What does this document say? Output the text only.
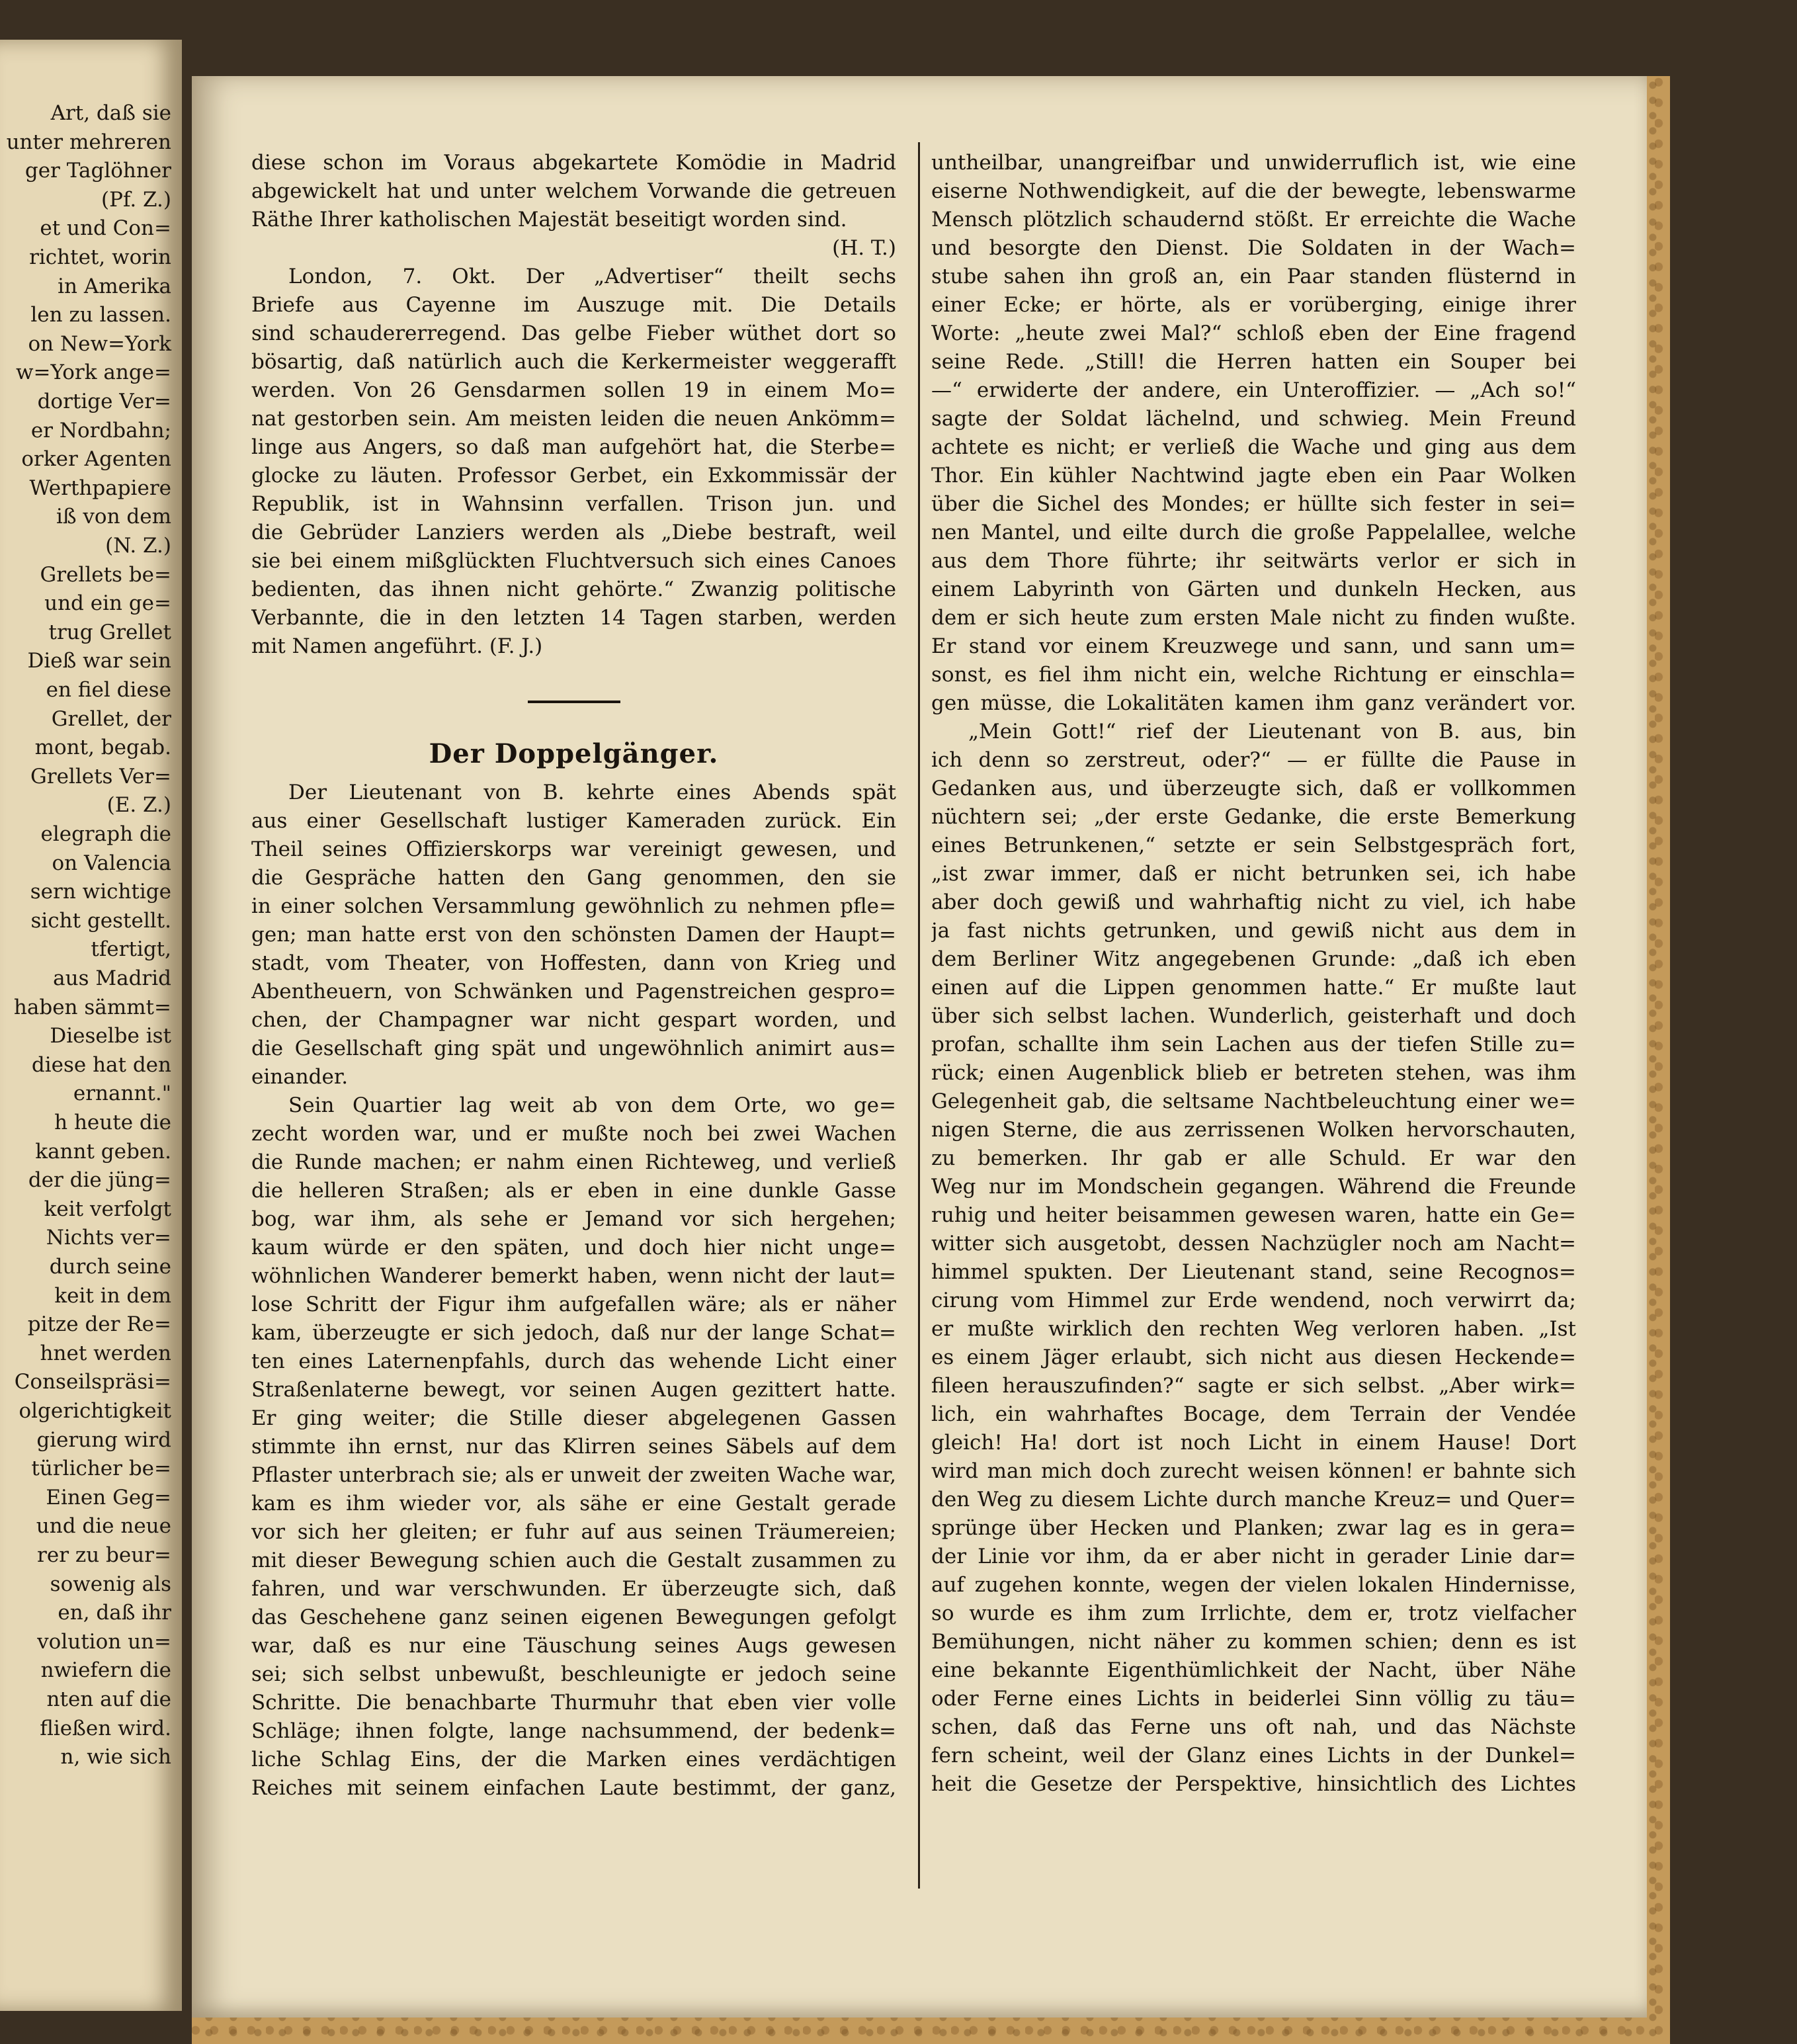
Art, daß sie
unter mehreren
ger Taglöhner
(Pf. Z.)
et und Con=
richtet, worin
in Amerika
len zu lassen.
on New=York
w=York ange=
dortige Ver=
er Nordbahn;
orker Agenten
Werthpapiere
iß von dem
(N. Z.)
Grellets be=
und ein ge=
trug Grellet
Dieß war sein
en fiel diese
Grellet, der
mont, begab.
Grellets Ver=
(E. Z.)
elegraph die
on Valencia
sern wichtige
sicht gestellt.
tfertigt,
aus Madrid
haben sämmt=
Dieselbe ist
diese hat den
ernannt."
h heute die
kannt geben.
der die jüng=
keit verfolgt
Nichts ver=
durch seine
keit in dem
pitze der Re=
hnet werden
Conseilspräsi=
olgerichtigkeit
gierung wird
türlicher be=
Einen Geg=
und die neue
rer zu beur=
sowenig als
en, daß ihr
volution un=
nwiefern die
nten auf die
fließen wird.
n, wie sich
diese schon im Voraus abgekartete Komödie in Madrid
abgewickelt hat und unter welchem Vorwande die getreuen
Räthe Ihrer katholischen Majestät beseitigt worden sind.
(H. T.)
London, 7. Okt. Der „Advertiser“ theilt sechs
Briefe aus Cayenne im Auszuge mit. Die Details
sind schaudererregend. Das gelbe Fieber wüthet dort so
bösartig, daß natürlich auch die Kerkermeister weggerafft
werden. Von 26 Gensdarmen sollen 19 in einem Mo=
nat gestorben sein. Am meisten leiden die neuen Ankömm=
linge aus Angers, so daß man aufgehört hat, die Sterbe=
glocke zu läuten. Professor Gerbet, ein Exkommissär der
Republik, ist in Wahnsinn verfallen. Trison jun. und
die Gebrüder Lanziers werden als „Diebe bestraft, weil
sie bei einem mißglückten Fluchtversuch sich eines Canoes
bedienten, das ihnen nicht gehörte.“ Zwanzig politische
Verbannte, die in den letzten 14 Tagen starben, werden
mit Namen angeführt. (F. J.)
Der Doppelgänger.
Der Lieutenant von B. kehrte eines Abends spät
aus einer Gesellschaft lustiger Kameraden zurück. Ein
Theil seines Offizierskorps war vereinigt gewesen, und
die Gespräche hatten den Gang genommen, den sie
in einer solchen Versammlung gewöhnlich zu nehmen pfle=
gen; man hatte erst von den schönsten Damen der Haupt=
stadt, vom Theater, von Hoffesten, dann von Krieg und
Abentheuern, von Schwänken und Pagenstreichen gespro=
chen, der Champagner war nicht gespart worden, und
die Gesellschaft ging spät und ungewöhnlich animirt aus=
einander.
Sein Quartier lag weit ab von dem Orte, wo ge=
zecht worden war, und er mußte noch bei zwei Wachen
die Runde machen; er nahm einen Richteweg, und verließ
die helleren Straßen; als er eben in eine dunkle Gasse
bog, war ihm, als sehe er Jemand vor sich hergehen;
kaum würde er den späten, und doch hier nicht unge=
wöhnlichen Wanderer bemerkt haben, wenn nicht der laut=
lose Schritt der Figur ihm aufgefallen wäre; als er näher
kam, überzeugte er sich jedoch, daß nur der lange Schat=
ten eines Laternenpfahls, durch das wehende Licht einer
Straßenlaterne bewegt, vor seinen Augen gezittert hatte.
Er ging weiter; die Stille dieser abgelegenen Gassen
stimmte ihn ernst, nur das Klirren seines Säbels auf dem
Pflaster unterbrach sie; als er unweit der zweiten Wache war,
kam es ihm wieder vor, als sähe er eine Gestalt gerade
vor sich her gleiten; er fuhr auf aus seinen Träumereien;
mit dieser Bewegung schien auch die Gestalt zusammen zu
fahren, und war verschwunden. Er überzeugte sich, daß
das Geschehene ganz seinen eigenen Bewegungen gefolgt
war, daß es nur eine Täuschung seines Augs gewesen
sei; sich selbst unbewußt, beschleunigte er jedoch seine
Schritte. Die benachbarte Thurmuhr that eben vier volle
Schläge; ihnen folgte, lange nachsummend, der bedenk=
liche Schlag Eins, der die Marken eines verdächtigen
Reiches mit seinem einfachen Laute bestimmt, der ganz,
untheilbar, unangreifbar und unwiderruflich ist, wie eine
eiserne Nothwendigkeit, auf die der bewegte, lebenswarme
Mensch plötzlich schaudernd stößt. Er erreichte die Wache
und besorgte den Dienst. Die Soldaten in der Wach=
stube sahen ihn groß an, ein Paar standen flüsternd in
einer Ecke; er hörte, als er vorüberging, einige ihrer
Worte: „heute zwei Mal?“ schloß eben der Eine fragend
seine Rede. „Still! die Herren hatten ein Souper bei
—“ erwiderte der andere, ein Unteroffizier. — „Ach so!“
sagte der Soldat lächelnd, und schwieg. Mein Freund
achtete es nicht; er verließ die Wache und ging aus dem
Thor. Ein kühler Nachtwind jagte eben ein Paar Wolken
über die Sichel des Mondes; er hüllte sich fester in sei=
nen Mantel, und eilte durch die große Pappelallee, welche
aus dem Thore führte; ihr seitwärts verlor er sich in
einem Labyrinth von Gärten und dunkeln Hecken, aus
dem er sich heute zum ersten Male nicht zu finden wußte.
Er stand vor einem Kreuzwege und sann, und sann um=
sonst, es fiel ihm nicht ein, welche Richtung er einschla=
gen müsse, die Lokalitäten kamen ihm ganz verändert vor.
„Mein Gott!“ rief der Lieutenant von B. aus, bin
ich denn so zerstreut, oder?“ — er füllte die Pause in
Gedanken aus, und überzeugte sich, daß er vollkommen
nüchtern sei; „der erste Gedanke, die erste Bemerkung
eines Betrunkenen,“ setzte er sein Selbstgespräch fort,
„ist zwar immer, daß er nicht betrunken sei, ich habe
aber doch gewiß und wahrhaftig nicht zu viel, ich habe
ja fast nichts getrunken, und gewiß nicht aus dem in
dem Berliner Witz angegebenen Grunde: „daß ich eben
einen auf die Lippen genommen hatte.“ Er mußte laut
über sich selbst lachen. Wunderlich, geisterhaft und doch
profan, schallte ihm sein Lachen aus der tiefen Stille zu=
rück; einen Augenblick blieb er betreten stehen, was ihm
Gelegenheit gab, die seltsame Nachtbeleuchtung einer we=
nigen Sterne, die aus zerrissenen Wolken hervorschauten,
zu bemerken. Ihr gab er alle Schuld. Er war den
Weg nur im Mondschein gegangen. Während die Freunde
ruhig und heiter beisammen gewesen waren, hatte ein Ge=
witter sich ausgetobt, dessen Nachzügler noch am Nacht=
himmel spukten. Der Lieutenant stand, seine Recognos=
cirung vom Himmel zur Erde wendend, noch verwirrt da;
er mußte wirklich den rechten Weg verloren haben. „Ist
es einem Jäger erlaubt, sich nicht aus diesen Heckende=
fileen herauszufinden?“ sagte er sich selbst. „Aber wirk=
lich, ein wahrhaftes Bocage, dem Terrain der Vendée
gleich! Ha! dort ist noch Licht in einem Hause! Dort
wird man mich doch zurecht weisen können! er bahnte sich
den Weg zu diesem Lichte durch manche Kreuz= und Quer=
sprünge über Hecken und Planken; zwar lag es in gera=
der Linie vor ihm, da er aber nicht in gerader Linie dar=
auf zugehen konnte, wegen der vielen lokalen Hindernisse,
so wurde es ihm zum Irrlichte, dem er, trotz vielfacher
Bemühungen, nicht näher zu kommen schien; denn es ist
eine bekannte Eigenthümlichkeit der Nacht, über Nähe
oder Ferne eines Lichts in beiderlei Sinn völlig zu täu=
schen, daß das Ferne uns oft nah, und das Nächste
fern scheint, weil der Glanz eines Lichts in der Dunkel=
heit die Gesetze der Perspektive, hinsichtlich des Lichtes
